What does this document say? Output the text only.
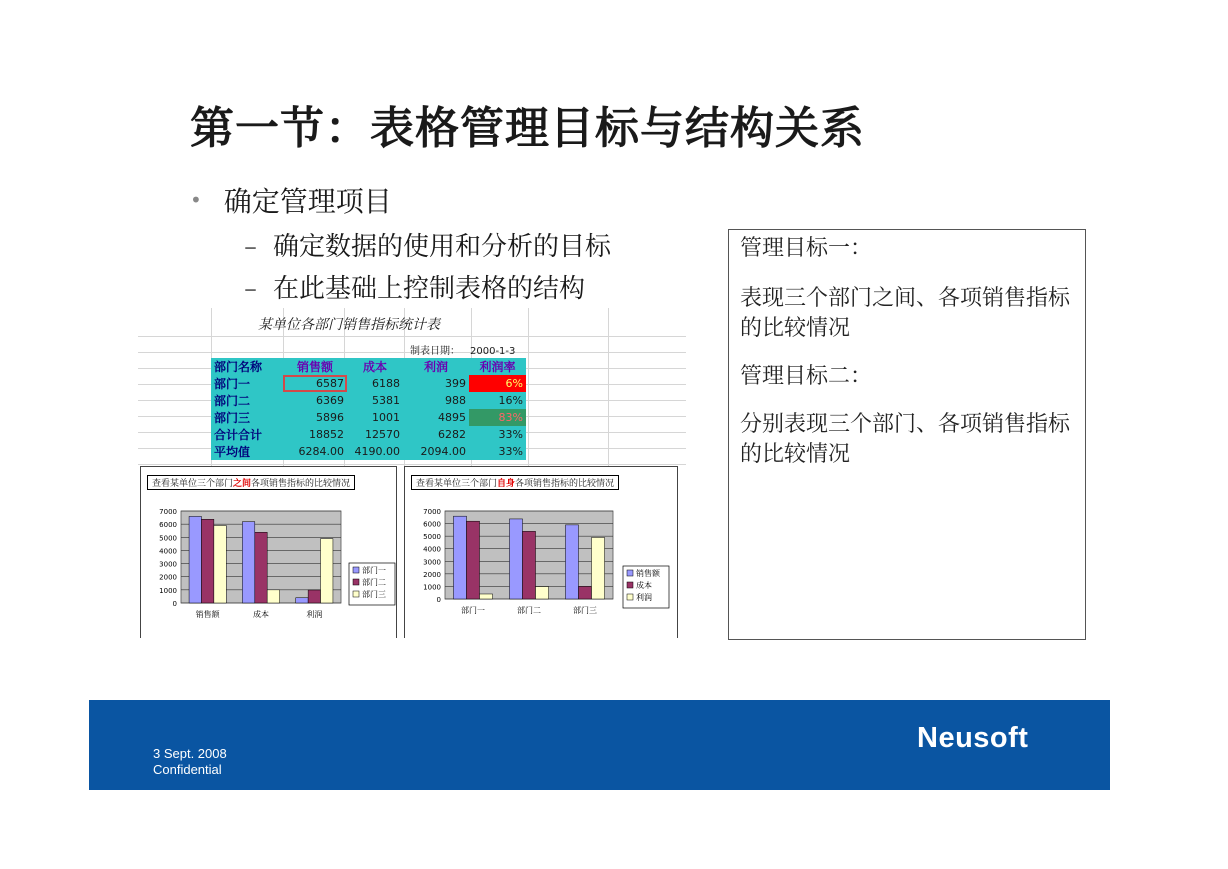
第一节：表格管理目标与结构关系
• 确定管理项目
– 确定数据的使用和分析的目标
– 在此基础上控制表格的结构
某单位各部门销售指标统计表
制表日期： 2000-1-3
部门名称	销售额	成本	利润	利润率
部门一	6587	6188	399	6%
部门二	6369	5381	988	16%
部门三	5896	1001	4895	83%
合计合计	18852	12570	6282	33%
平均值	6284.00	4190.00	2094.00	33%
查看某单位三个部门之间各项销售指标的比较情况
0
1000
2000
3000
4000
5000
6000
7000
销售额	成本	利润
部门一
部门二
部门三
查看某单位三个部门自身各项销售指标的比较情况
0
1000
2000
3000
4000
5000
6000
7000
部门一	部门二	部门三
销售额
成本
利润

管理目标一：

表现三个部门之间、各项销售指标的比较情况

管理目标二：

分别表现三个部门、各项销售指标的比较情况

3 Sept. 2008
Confidential
Neusoft
